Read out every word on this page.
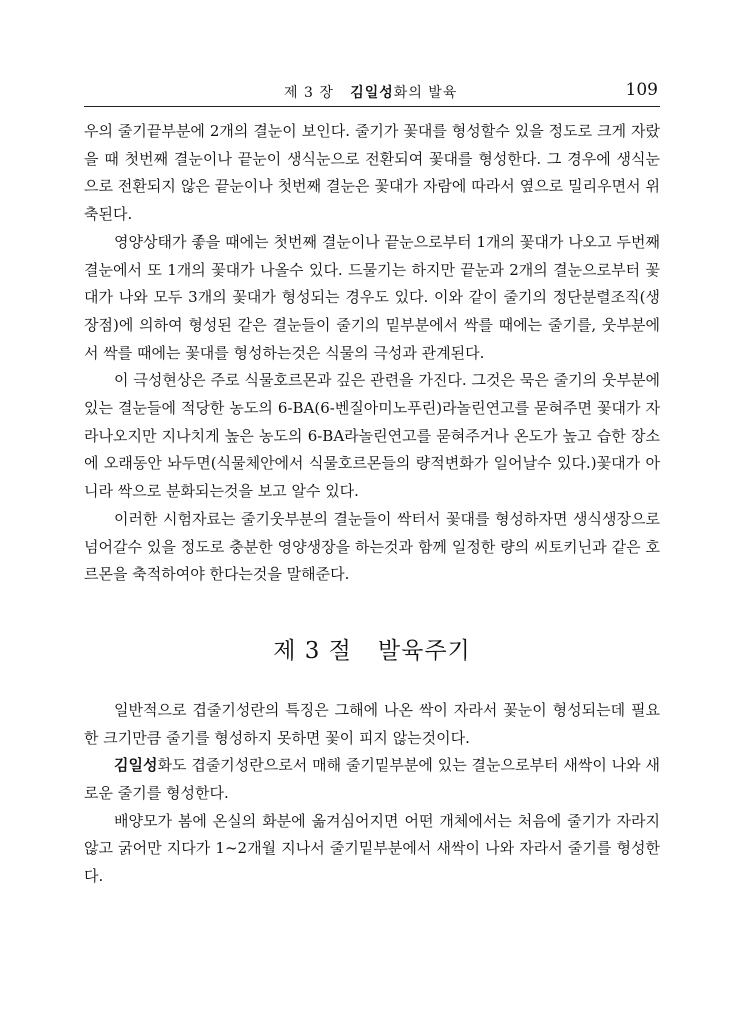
제 3 장 김일성화의 발육	109

우의 줄기끝부분에 2개의 결눈이 보인다. 줄기가 꽃대를 형성할수 있을 정도로 크게 자랐을 때 첫번째 결눈이나 끝눈이 생식눈으로 전환되여 꽃대를 형성한다. 그 경우에 생식눈으로 전환되지 않은 끝눈이나 첫번째 결눈은 꽃대가 자람에 따라서 옆으로 밀리우면서 위축된다.

영양상태가 좋을 때에는 첫번째 결눈이나 끝눈으로부터 1개의 꽃대가 나오고 두번째 결눈에서 또 1개의 꽃대가 나올수 있다. 드물기는 하지만 끝눈과 2개의 결눈으로부터 꽃대가 나와 모두 3개의 꽃대가 형성되는 경우도 있다. 이와 같이 줄기의 정단분렬조직(생장점)에 의하여 형성된 같은 결눈들이 줄기의 밑부분에서 싹를 때에는 줄기를, 웃부분에서 싹를 때에는 꽃대를 형성하는것은 식물의 극성과 관계된다.

이 극성현상은 주로 식물호르몬과 깊은 관련을 가진다. 그것은 묵은 줄기의 웃부분에 있는 결눈들에 적당한 농도의 6-BA(6-벤질아미노푸린)라놀린연고를 묻혀주면 꽃대가 자라나오지만 지나치게 높은 농도의 6-BA라놀린연고를 묻혀주거나 온도가 높고 습한 장소에 오래동안 놔두면(식물체안에서 식물호르몬들의 량적변화가 일어날수 있다.)꽃대가 아니라 싹으로 분화되는것을 보고 알수 있다.

이러한 시험자료는 줄기웃부분의 결눈들이 싹터서 꽃대를 형성하자면 생식생장으로 넘어갈수 있을 정도로 충분한 영양생장을 하는것과 함께 일정한 량의 씨토키닌과 같은 호르몬을 축적하여야 한다는것을 말해준다.

제 3 절 발육주기

일반적으로 겹줄기성란의 특징은 그해에 나온 싹이 자라서 꽃눈이 형성되는데 필요한 크기만큼 줄기를 형성하지 못하면 꽃이 피지 않는것이다.

김일성화도 겹줄기성란으로서 매해 줄기밑부분에 있는 결눈으로부터 새싹이 나와 새로운 줄기를 형성한다.

배양모가 봄에 온실의 화분에 옮겨심어지면 어떤 개체에서는 처음에 줄기가 자라지 않고 굵어만 지다가 1~2개월 지나서 줄기밑부분에서 새싹이 나와 자라서 줄기를 형성한다.
